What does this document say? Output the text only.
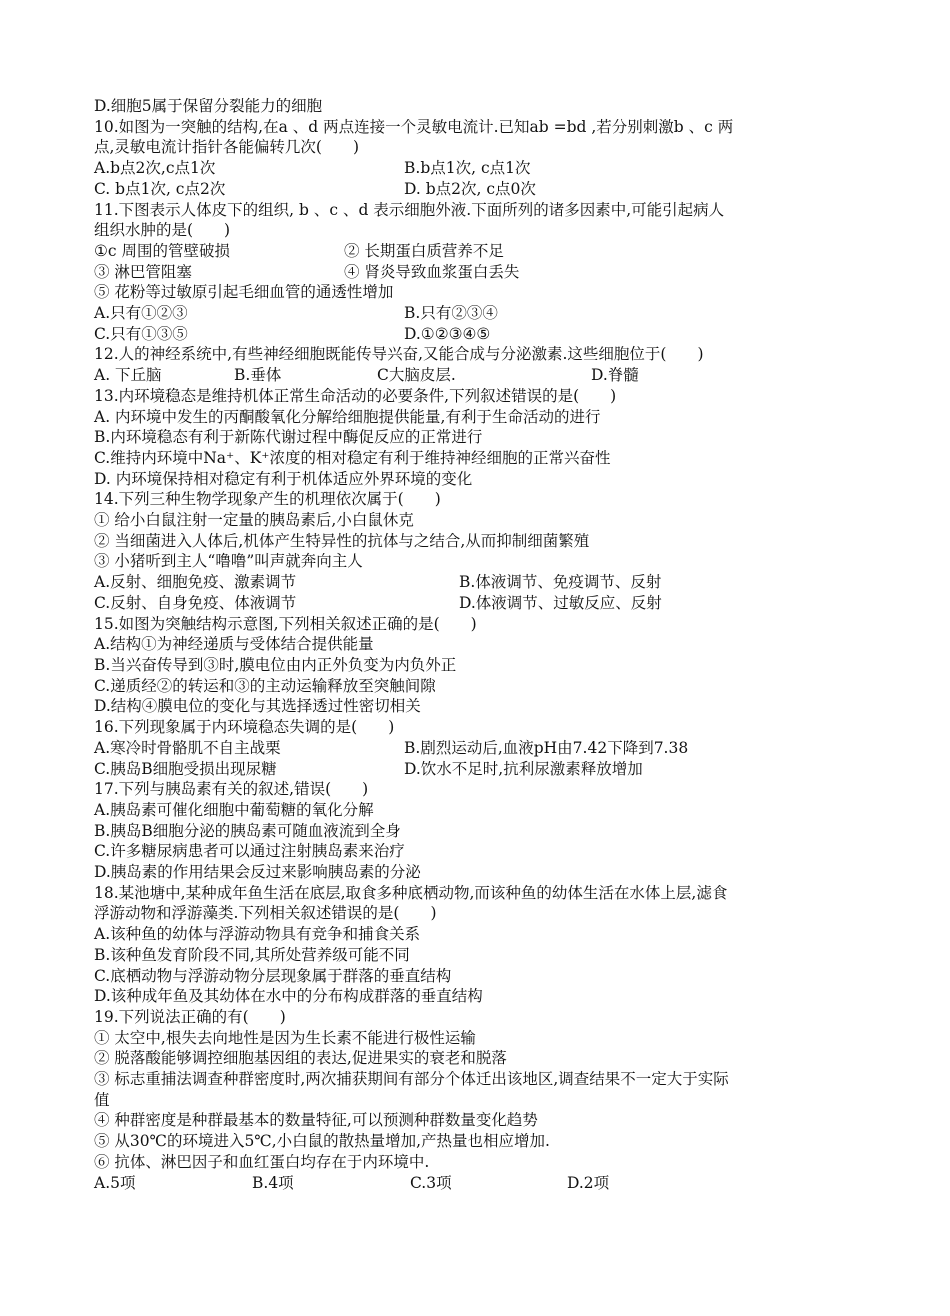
D.细胞5属于保留分裂能力的细胞
10.如图为一突触的结构,在a 、d 两点连接一个灵敏电流计.已知ab =bd ,若分别刺激b 、c 两
点,灵敏电流计指针各能偏转几次(　　)
A.b点2次,c点1次	B.b点1次, c点1次
C. b点1次, c点2次	D. b点2次, c点0次
11.下图表示人体皮下的组织, b 、c 、d 表示细胞外液.下面所列的诸多因素中,可能引起病人
组织水肿的是(　　)
①c 周围的管壁破损	② 长期蛋白质营养不足
③ 淋巴管阻塞	④ 肾炎导致血浆蛋白丢失
⑤ 花粉等过敏原引起毛细血管的通透性增加
A.只有①②③	B.只有②③④
C.只有①③⑤	D.①②③④⑤
12.人的神经系统中,有些神经细胞既能传导兴奋,又能合成与分泌激素.这些细胞位于(　　)
A. 下丘脑	B.垂体	C大脑皮层.	D.脊髓
13.内环境稳态是维持机体正常生命活动的必要条件,下列叙述错误的是(　　)
A. 内环境中发生的丙酮酸氧化分解给细胞提供能量,有利于生命活动的进行
B.内环境稳态有利于新陈代谢过程中酶促反应的正常进行
C.维持内环境中Na⁺、K⁺浓度的相对稳定有利于维持神经细胞的正常兴奋性
D. 内环境保持相对稳定有利于机体适应外界环境的变化
14.下列三种生物学现象产生的机理依次属于(　　)
① 给小白鼠注射一定量的胰岛素后,小白鼠休克
② 当细菌进入人体后,机体产生特异性的抗体与之结合,从而抑制细菌繁殖
③ 小猪听到主人“噜噜”叫声就奔向主人
A.反射、细胞免疫、激素调节	B.体液调节、免疫调节、反射
C.反射、自身免疫、体液调节	D.体液调节、过敏反应、反射
15.如图为突触结构示意图,下列相关叙述正确的是(　　)
A.结构①为神经递质与受体结合提供能量
B.当兴奋传导到③时,膜电位由内正外负变为内负外正
C.递质经②的转运和③的主动运输释放至突触间隙
D.结构④膜电位的变化与其选择透过性密切相关
16.下列现象属于内环境稳态失调的是(　　)
A.寒冷时骨骼肌不自主战栗	B.剧烈运动后,血液pH由7.42下降到7.38
C.胰岛B细胞受损出现尿糖	D.饮水不足时,抗利尿激素释放增加
17.下列与胰岛素有关的叙述,错误(　　)
A.胰岛素可催化细胞中葡萄糖的氧化分解
B.胰岛B细胞分泌的胰岛素可随血液流到全身
C.许多糖尿病患者可以通过注射胰岛素来治疗
D.胰岛素的作用结果会反过来影响胰岛素的分泌
18.某池塘中,某种成年鱼生活在底层,取食多种底栖动物,而该种鱼的幼体生活在水体上层,滤食
浮游动物和浮游藻类.下列相关叙述错误的是(　　)
A.该种鱼的幼体与浮游动物具有竞争和捕食关系
B.该种鱼发育阶段不同,其所处营养级可能不同
C.底栖动物与浮游动物分层现象属于群落的垂直结构
D.该种成年鱼及其幼体在水中的分布构成群落的垂直结构
19.下列说法正确的有(　　)
① 太空中,根失去向地性是因为生长素不能进行极性运输
② 脱落酸能够调控细胞基因组的表达,促进果实的衰老和脱落
③ 标志重捕法调查种群密度时,两次捕获期间有部分个体迁出该地区,调查结果不一定大于实际
值
④ 种群密度是种群最基本的数量特征,可以预测种群数量变化趋势
⑤ 从30℃的环境进入5℃,小白鼠的散热量增加,产热量也相应增加.
⑥ 抗体、淋巴因子和血红蛋白均存在于内环境中.
A.5项	B.4项	C.3项	D.2项
